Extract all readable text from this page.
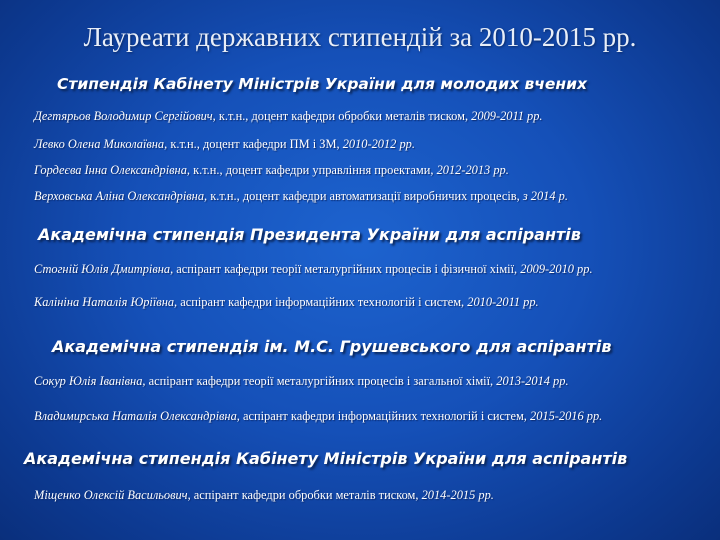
Лауреати державних стипендій за 2010-2015 рр.
Стипендія Кабінету Міністрів України для молодих вчених
Дегтярьов Володимир Сергійович, к.т.н., доцент кафедри обробки металів тиском, 2009-2011 рр.
Левко Олена Миколаївна, к.т.н., доцент кафедри ПМ і ЗМ, 2010-2012 рр.
Гордеєва Інна Олександрівна, к.т.н., доцент кафедри управління проектами, 2012-2013 рр.
Верховська Аліна Олександрівна, к.т.н., доцент кафедри автоматизації виробничих процесів, з 2014 р.
Академічна стипендія Президента України для аспірантів
Стогній Юлія Дмитрівна, аспірант кафедри теорії металургійних процесів і фізичної хімії, 2009-2010 рр.
Калініна Наталія Юріївна, аспірант кафедри інформаційних технологій і систем, 2010-2011 рр.
Академічна стипендія ім. М.С. Грушевського для аспірантів
Сокур Юлія Іванівна, аспірант кафедри теорії металургійних процесів і загальної хімії, 2013-2014 рр.
Владимирська Наталія Олександрівна, аспірант кафедри інформаційних технологій і систем, 2015-2016 рр.
Академічна стипендія Кабінету Міністрів України для аспірантів
Міщенко Олексій Васильович, аспірант кафедри обробки металів тиском, 2014-2015 рр.
